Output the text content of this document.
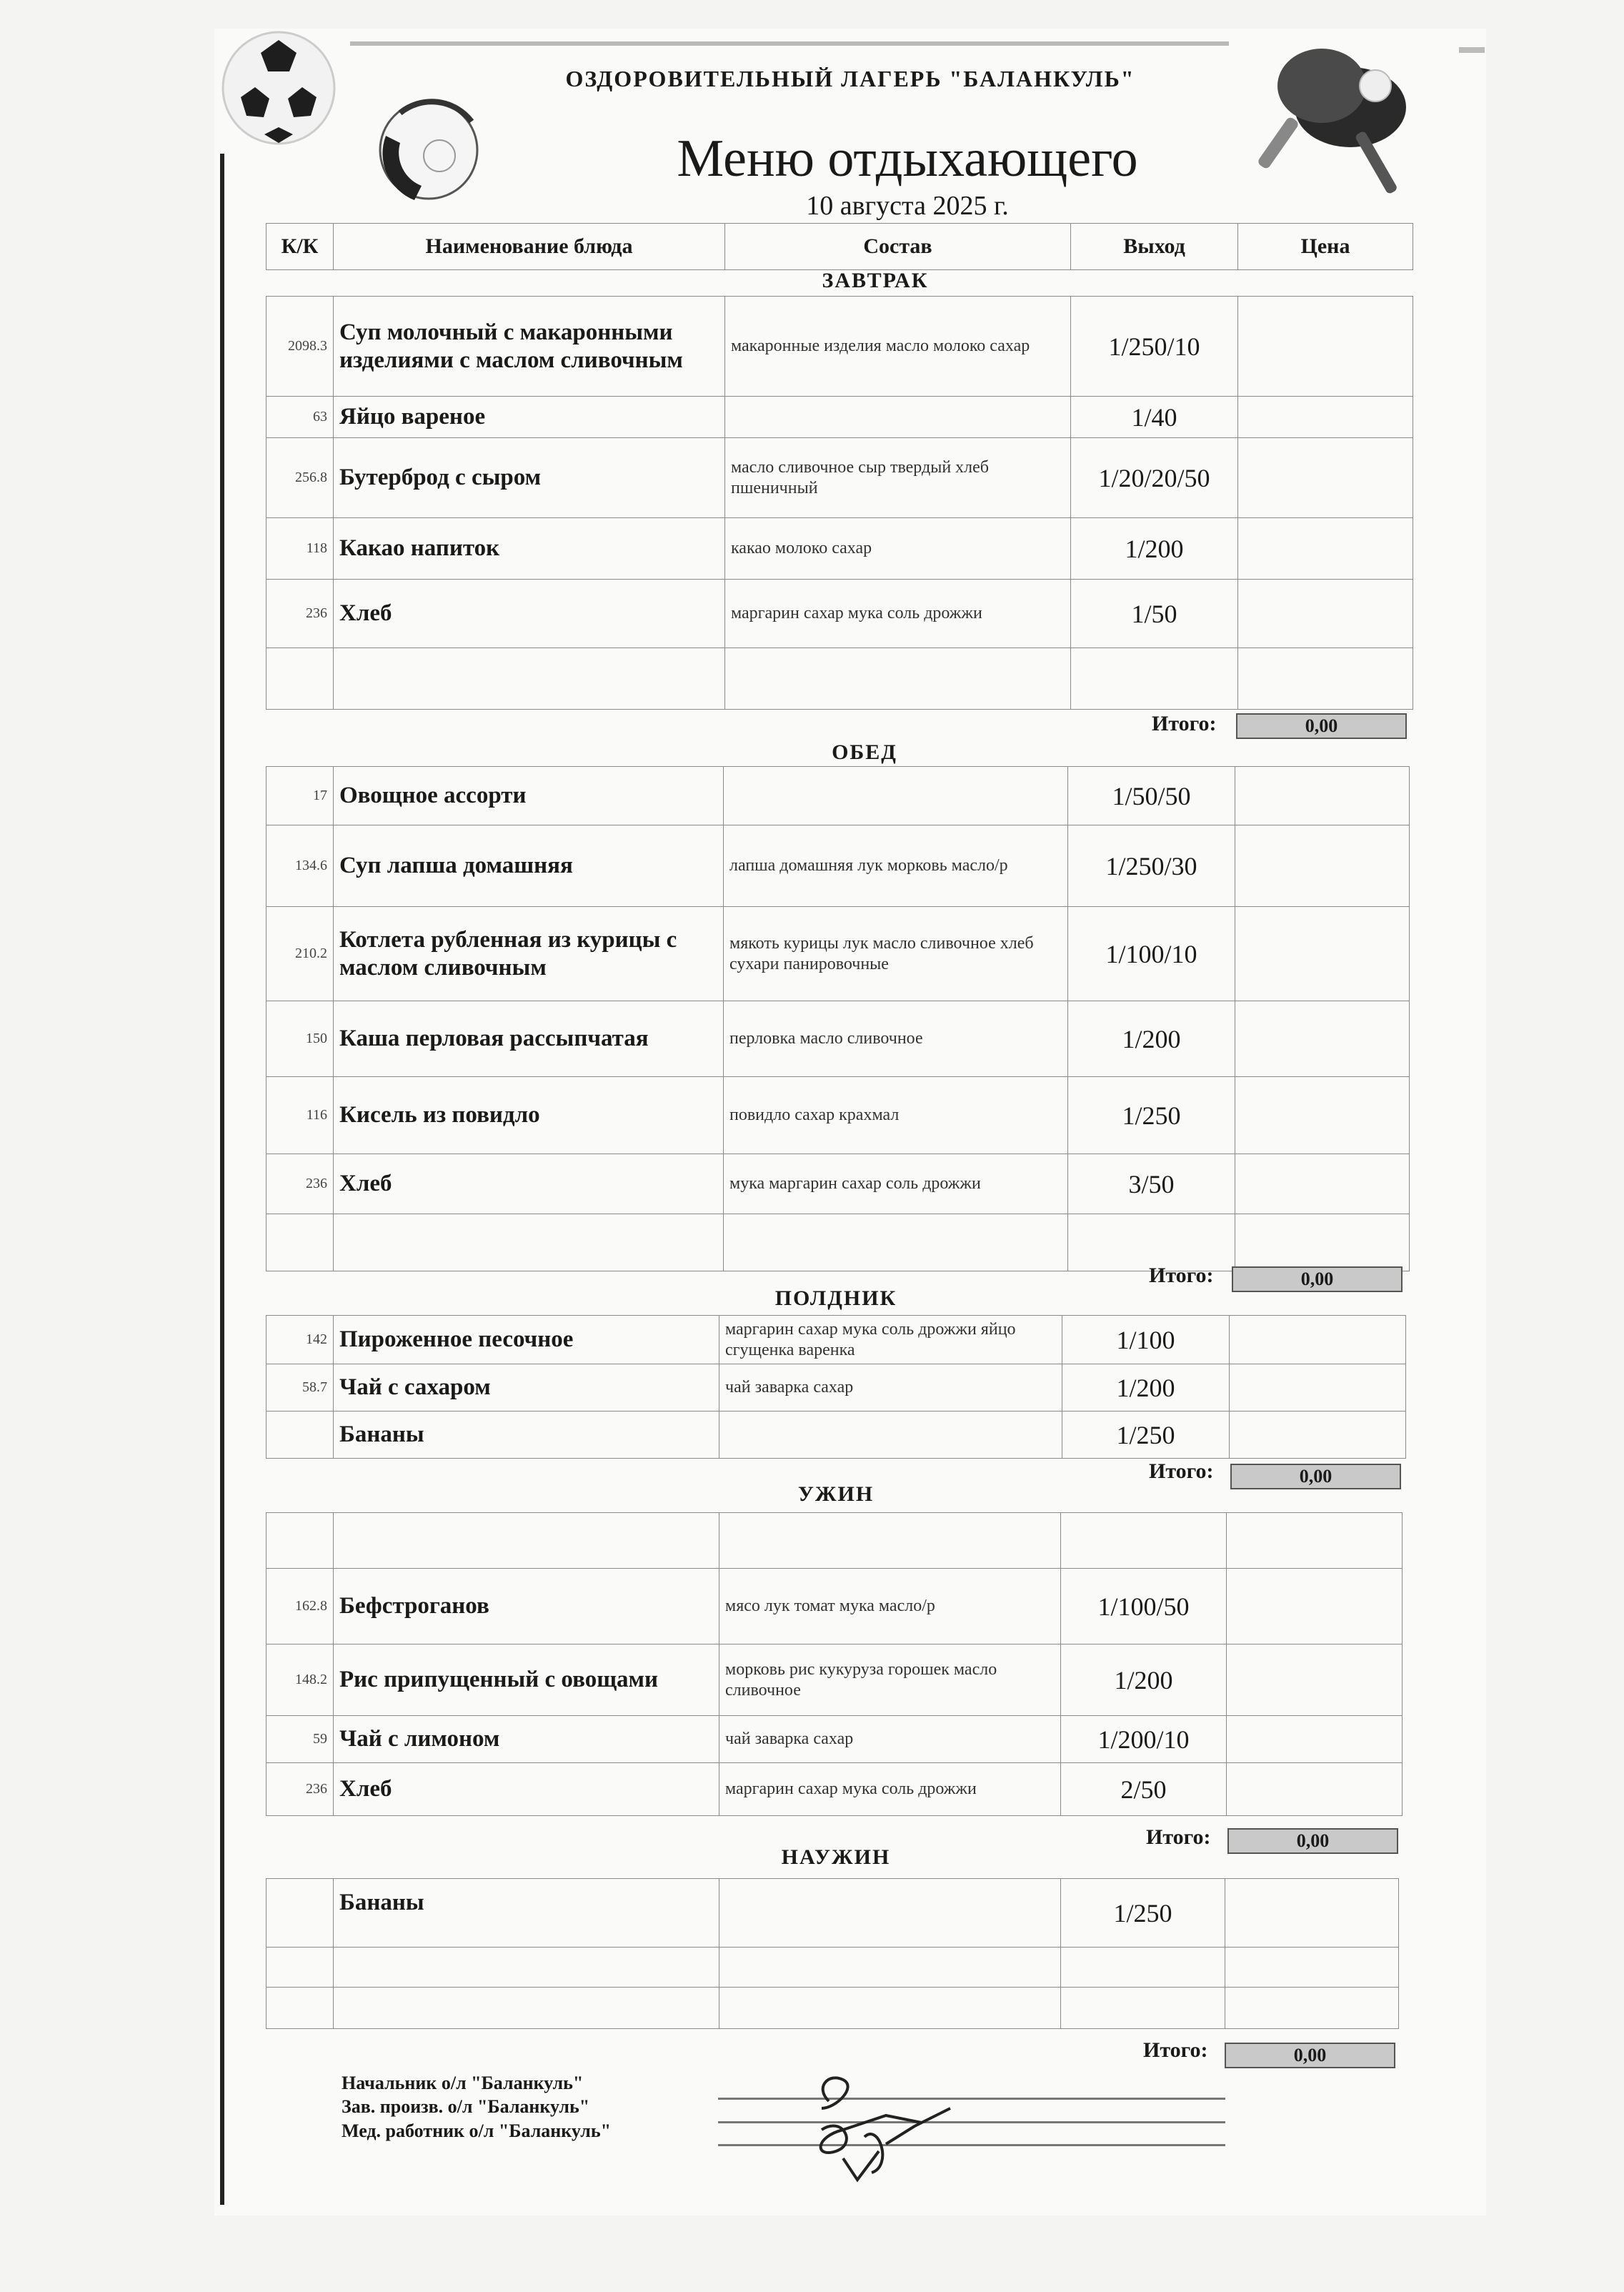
ОЗДОРОВИТЕЛЬНЫЙ ЛАГЕРЬ "БАЛАНКУЛЬ"
Меню отдыхающего
10 августа 2025 г.
К/К	Наименование блюда	Состав	Выход	Цена
ЗАВТРАК
2098.3	Суп молочный с макаронными изделиями с маслом сливочным	макаронные изделия масло молоко сахар	1/250/10	
63	Яйцо вареное		1/40	
256.8	Бутерброд с сыром	масло сливочное сыр твердый хлеб пшеничный	1/20/20/50	
118	Какао напиток	какао молоко сахар	1/200	
236	Хлеб	маргарин сахар мука соль дрожжи	1/50	

Итого:	0,00
ОБЕД
17	Овощное ассорти		1/50/50	
134.6	Суп лапша домашняя	лапша домашняя лук морковь масло/р	1/250/30	
210.2	Котлета рубленная из курицы с маслом сливочным	мякоть курицы лук масло сливочное хлеб сухари панировочные	1/100/10	
150	Каша перловая рассыпчатая	перловка масло сливочное	1/200	
116	Кисель из повидло	повидло сахар крахмал	1/250	
236	Хлеб	мука маргарин сахар соль дрожжи	3/50	

Итого:	0,00
ПОЛДНИК
142	Пироженное песочное	маргарин сахар мука соль дрожжи яйцо сгущенка варенка	1/100	
58.7	Чай с сахаром	чай заварка сахар	1/200	
	Бананы		1/250	
Итого:	0,00
УЖИН

162.8	Бефстроганов	мясо лук томат мука масло/р	1/100/50	
148.2	Рис припущенный с овощами	морковь рис кукуруза горошек масло сливочное	1/200	
59	Чай с лимоном	чай заварка сахар	1/200/10	
236	Хлеб	маргарин сахар мука соль дрожжи	2/50	
Итого:	0,00
НАУЖИН
	Бананы		1/250	

Итого:	0,00
Начальник о/л "Баланкуль"
Зав. произв. о/л "Баланкуль"
Мед. работник о/л "Баланкуль"
